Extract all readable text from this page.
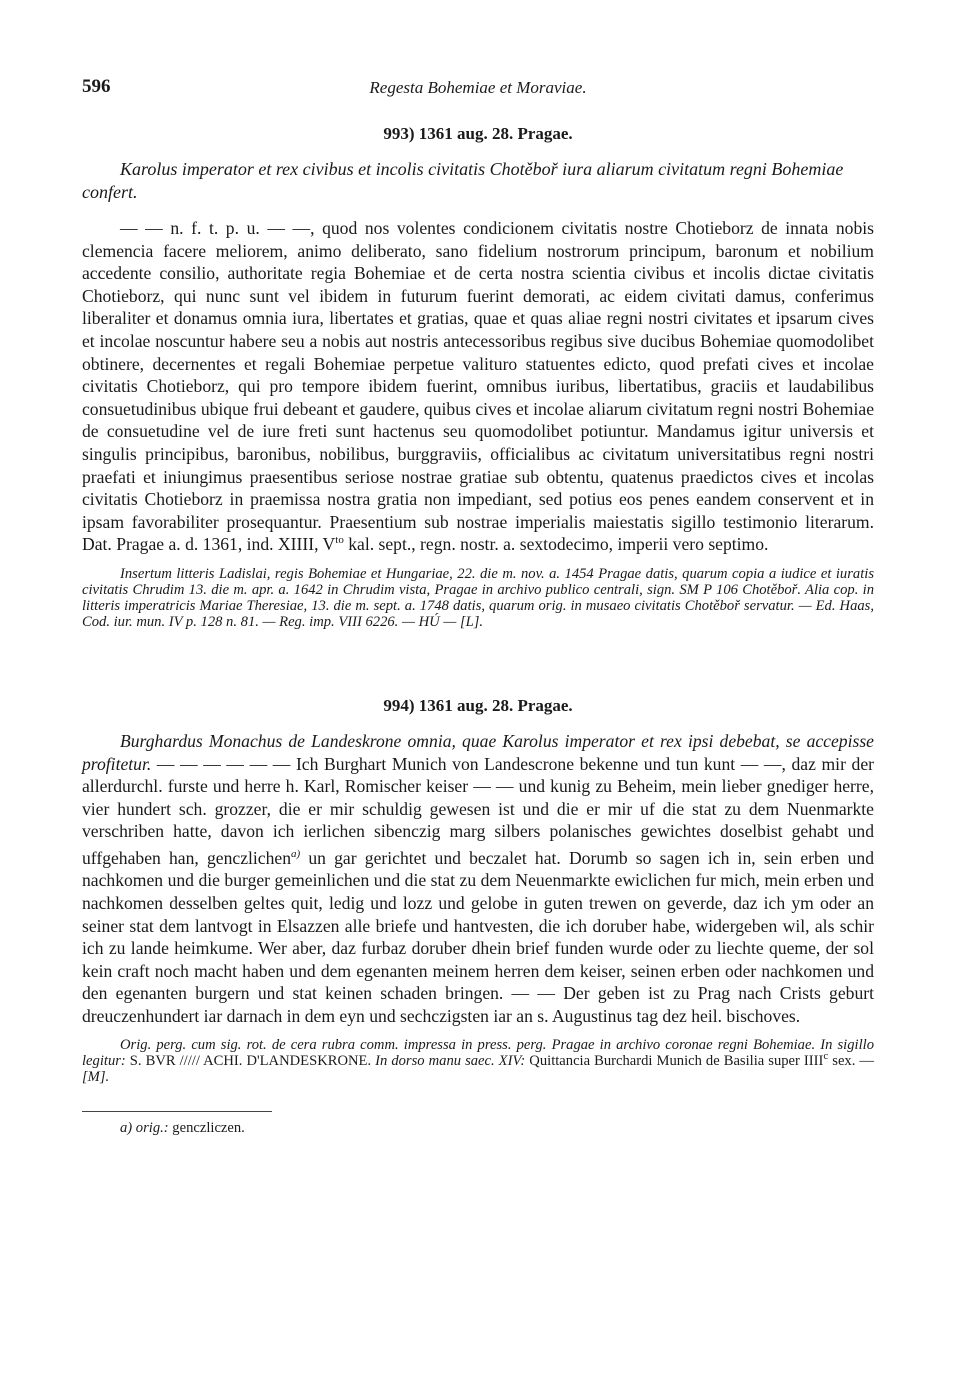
596	Regesta Bohemiae et Moraviae.
993) 1361 aug. 28. Pragae.

Karolus imperator et rex civibus et incolis civitatis Chotěboř iura aliarum civitatum regni Bohemiae confert.

— — n. f. t. p. u. — —, quod nos volentes condicionem civitatis nostre Chotieborz de innata nobis clemencia facere meliorem, animo deliberato, sano fidelium nostrorum principum, baronum et nobilium accedente consilio, authoritate regia Bohemiae et de certa nostra scientia civibus et incolis dictae civitatis Chotieborz, qui nunc sunt vel ibidem in futurum fuerint demorati, ac eidem civitati damus, conferimus liberaliter et donamus omnia iura, libertates et gratias, quae et quas aliae regni nostri civitates et ipsarum cives et incolae noscuntur habere seu a nobis aut nostris antecessoribus regibus sive ducibus Bohemiae quomodolibet obtinere, decernentes et regali Bohemiae perpetue valituro statuentes edicto, quod prefati cives et incolae civitatis Chotieborz, qui pro tempore ibidem fuerint, omnibus iuribus, libertatibus, graciis et laudabilibus consuetudinibus ubique frui debeant et gaudere, quibus cives et incolae aliarum civitatum regni nostri Bohemiae de consuetudine vel de iure freti sunt hactenus seu quomodolibet potiuntur. Mandamus igitur universis et singulis principibus, baronibus, nobilibus, burggraviis, officialibus ac civitatum universitatibus regni nostri praefati et iniungimus praesentibus seriose nostrae gratiae sub obtentu, quatenus praedictos cives et incolas civitatis Chotieborz in praemissa nostra gratia non impediant, sed potius eos penes eandem conservent et in ipsam favorabiliter prosequantur. Praesentium sub nostrae imperialis maiestatis sigillo testimonio literarum. Dat. Pragae a. d. 1361, ind. XIIII, $V^{to}$ kal. sept., regn. nostr. a. sextodecimo, imperii vero septimo.

Insertum litteris Ladislai, regis Bohemiae et Hungariae, 22. die m. nov. a. 1454 Pragae datis, quarum copia a iudice et iuratis civitatis Chrudim 13. die m. apr. a. 1642 in Chrudim vista, Pragae in archivo publico centrali, sign. SM P 106 Chotěboř. Alia cop. in litteris imperatricis Mariae Theresiae, 13. die m. sept. a. 1748 datis, quarum orig. in musaeo civitatis Chotěboř servatur. — Ed. Haas, Cod. iur. mun. IV p. 128 n. 81. — Reg. imp. VIII 6226. — HÚ — [L].

994) 1361 aug. 28. Pragae.

Burghardus Monachus de Landeskrone omnia, quae Karolus imperator et rex ipsi debebat, se accepisse profitetur. — — — — — — Ich Burghart Munich von Landescrone bekenne und tun kunt — —, daz mir der allerdurchl. furste und herre h. Karl, Romischer keiser — — und kunig zu Beheim, mein lieber gnediger herre, vier hundert sch. grozzer, die er mir schuldig gewesen ist und die er mir uf die stat zu dem Nuenmarkte verschriben hatte, davon ich ierlichen sibenczig marg silbers polanisches gewichtes doselbist gehabt und uffgehaben han, genczlichen$^{a)}$ un gar gerichtet und beczalet hat. Dorumb so sagen ich in, sein erben und nachkomen und die burger gemeinlichen und die stat zu dem Neuenmarkte ewiclichen fur mich, mein erben und nachkomen desselben geltes quit, ledig und lozz und gelobe in guten trewen on geverde, daz ich ym oder an seiner stat dem lantvogt in Elsazzen alle briefe und hantvesten, die ich doruber habe, widergeben wil, als schir ich zu lande heimkume. Wer aber, daz furbaz doruber dhein brief funden wurde oder zu liechte queme, der sol kein craft noch macht haben und dem egenanten meinem herren dem keiser, seinen erben oder nachkomen und den egenanten burgern und stat keinen schaden bringen. — — Der geben ist zu Prag nach Crists geburt dreuczenhundert iar darnach in dem eyn und sechczigsten iar an s. Augustinus tag dez heil. bischoves.

Orig. perg. cum sig. rot. de cera rubra comm. impressa in press. perg. Pragae in archivo coronae regni Bohemiae. In sigillo legitur: S. BVR ///// ACHI. D'LANDESKRONE. In dorso manu saec. XIV: Quittancia Burchardi Munich de Basilia super IIII$^c$ sex. — [M].

a) orig.: genczliczen.
